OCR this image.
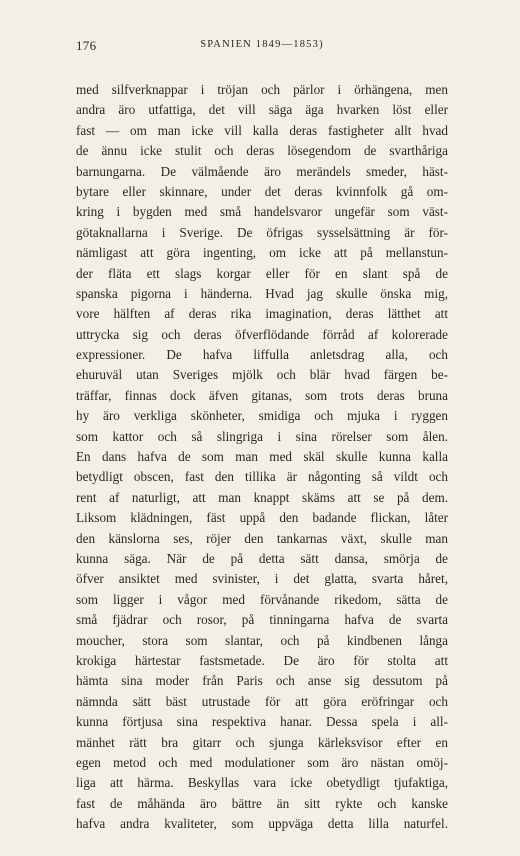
176	SPANIEN 1849—1853)
med silfverknappar i tröjan och pärlor i örhängena, men
andra äro utfattiga, det vill säga äga hvarken löst eller
fast — om man icke vill kalla deras fastigheter allt hvad
de ännu icke stulit och deras lösegendom de svarthåriga
barnungarna. De välmående äro merändels smeder, häst-
bytare eller skinnare, under det deras kvinnfolk gå om-
kring i bygden med små handelsvaror ungefär som väst-
götaknallarna i Sverige. De öfrigas sysselsättning är för-
nämligast att göra ingenting, om icke att på mellanstun-
der fläta ett slags korgar eller för en slant spå de
spanska pigorna i händerna. Hvad jag skulle önska mig,
vore hälften af deras rika imagination, deras lätthet att
uttrycka sig och deras öfverflödande förråd af kolorerade
expressioner. De hafva liffulla anletsdrag alla, och
ehuruväl utan Sveriges mjölk och blär hvad färgen be-
träffar, finnas dock äfven gitanas, som trots deras bruna
hy äro verkliga skönheter, smidiga och mjuka i ryggen
som kattor och så slingriga i sina rörelser som ålen.
En dans hafva de som man med skäl skulle kunna kalla
betydligt obscen, fast den tillika är någonting så vildt och
rent af naturligt, att man knappt skäms att se på dem.
Liksom klädningen, fäst uppå den badande flickan, låter
den känslorna ses, röjer den tankarnas växt, skulle man
kunna säga. När de på detta sätt dansa, smörja de
öfver ansiktet med svinister, i det glatta, svarta håret,
som ligger i vågor med förvånande rikedom, sätta de
små fjädrar och rosor, på tinningarna hafva de svarta
moucher, stora som slantar, och på kindbenen långa
krokiga härtestar fastsmetade. De äro för stolta att
hämta sina moder från Paris och anse sig dessutom på
nämnda sätt bäst utrustade för att göra eröfringar och
kunna förtjusa sina respektiva hanar. Dessa spela i all-
mänhet rätt bra gitarr och sjunga kärleksvisor efter en
egen metod och med modulationer som äro nästan omöj-
liga att härma. Beskyllas vara icke obetydligt tjufaktiga,
fast de måhända äro bättre än sitt rykte och kanske
hafva andra kvaliteter, som uppväga detta lilla naturfel.
